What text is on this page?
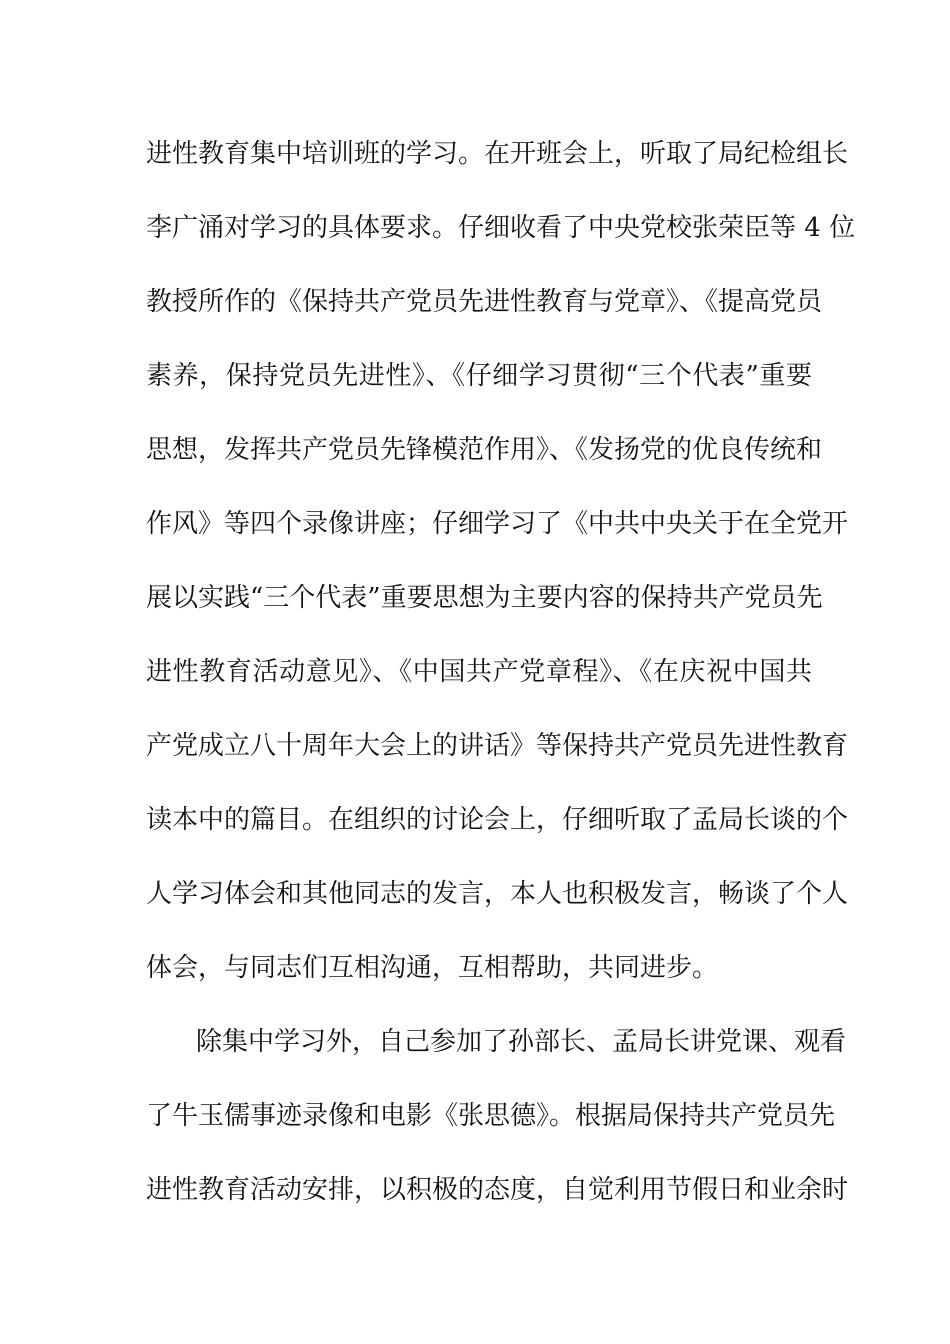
进性教育集中培训班的学习。在开班会上，听取了局纪检组长
李广涌对学习的具体要求。仔细收看了中央党校张荣臣等 4 位
教授所作的《保持共产党员先进性教育与党章》、《提高党员
素养，保持党员先进性》、《仔细学习贯彻“三个代表”重要
思想，发挥共产党员先锋模范作用》、《发扬党的优良传统和
作风》等四个录像讲座；仔细学习了《中共中央关于在全党开
展以实践“三个代表”重要思想为主要内容的保持共产党员先
进性教育活动意见》、《中国共产党章程》、《在庆祝中国共
产党成立八十周年大会上的讲话》等保持共产党员先进性教育
读本中的篇目。在组织的讨论会上，仔细听取了孟局长谈的个
人学习体会和其他同志的发言，本人也积极发言，畅谈了个人
体会，与同志们互相沟通，互相帮助，共同进步。
除集中学习外，自己参加了孙部长、孟局长讲党课、观看
了牛玉儒事迹录像和电影《张思德》。根据局保持共产党员先
进性教育活动安排，以积极的态度，自觉利用节假日和业余时
